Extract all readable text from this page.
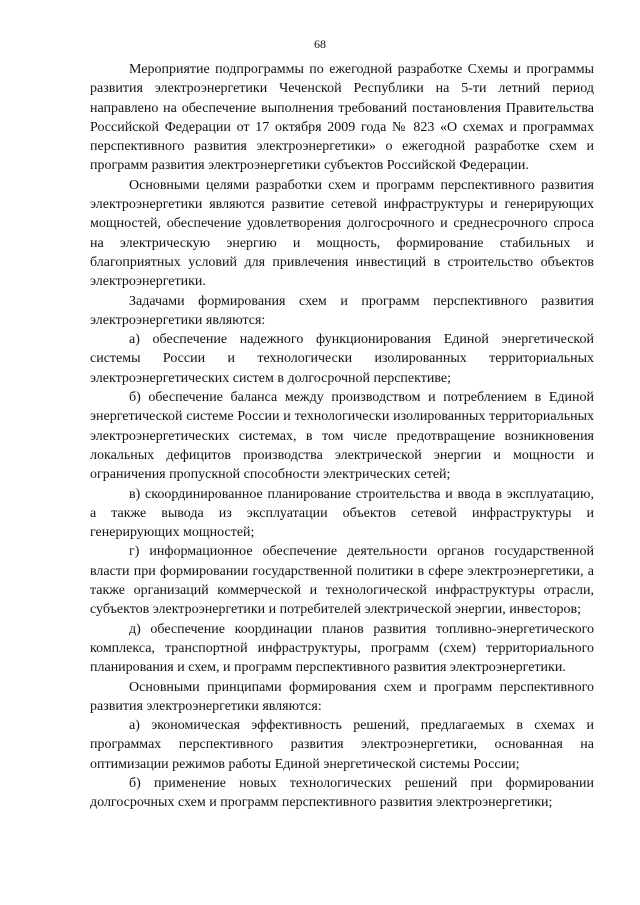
68

Мероприятие подпрограммы по ежегодной разработке Схемы и программы развития электроэнергетики Чеченской Республики на 5-ти летний период направлено на обеспечение выполнения требований постановления Правительства Российской Федерации от 17 октября 2009 года № 823 «О схемах и программах перспективного развития электроэнергетики» о ежегодной разработке схем и программ развития электроэнергетики субъектов Российской Федерации.

Основными целями разработки схем и программ перспективного развития электроэнергетики являются развитие сетевой инфраструктуры и генерирующих мощностей, обеспечение удовлетворения долгосрочного и среднесрочного спроса на электрическую энергию и мощность, формирование стабильных и благоприятных условий для привлечения инвестиций в строительство объектов электроэнергетики.

Задачами формирования схем и программ перспективного развития электроэнергетики являются:

а) обеспечение надежного функционирования Единой энергетической системы России и технологически изолированных территориальных электроэнергетических систем в долгосрочной перспективе;

б) обеспечение баланса между производством и потреблением в Единой энергетической системе России и технологически изолированных территориальных электроэнергетических системах, в том числе предотвращение возникновения локальных дефицитов производства электрической энергии и мощности и ограничения пропускной способности электрических сетей;

в) скоординированное планирование строительства и ввода в эксплуатацию, а также вывода из эксплуатации объектов сетевой инфраструктуры и генерирующих мощностей;

г) информационное обеспечение деятельности органов государственной власти при формировании государственной политики в сфере электроэнергетики, а также организаций коммерческой и технологической инфраструктуры отрасли, субъектов электроэнергетики и потребителей электрической энергии, инвесторов;

д) обеспечение координации планов развития топливно-энергетического комплекса, транспортной инфраструктуры, программ (схем) территориального планирования и схем, и программ перспективного развития электроэнергетики.

Основными принципами формирования схем и программ перспективного развития электроэнергетики являются:

а) экономическая эффективность решений, предлагаемых в схемах и программах перспективного развития электроэнергетики, основанная на оптимизации режимов работы Единой энергетической системы России;

б) применение новых технологических решений при формировании долгосрочных схем и программ перспективного развития электроэнергетики;
